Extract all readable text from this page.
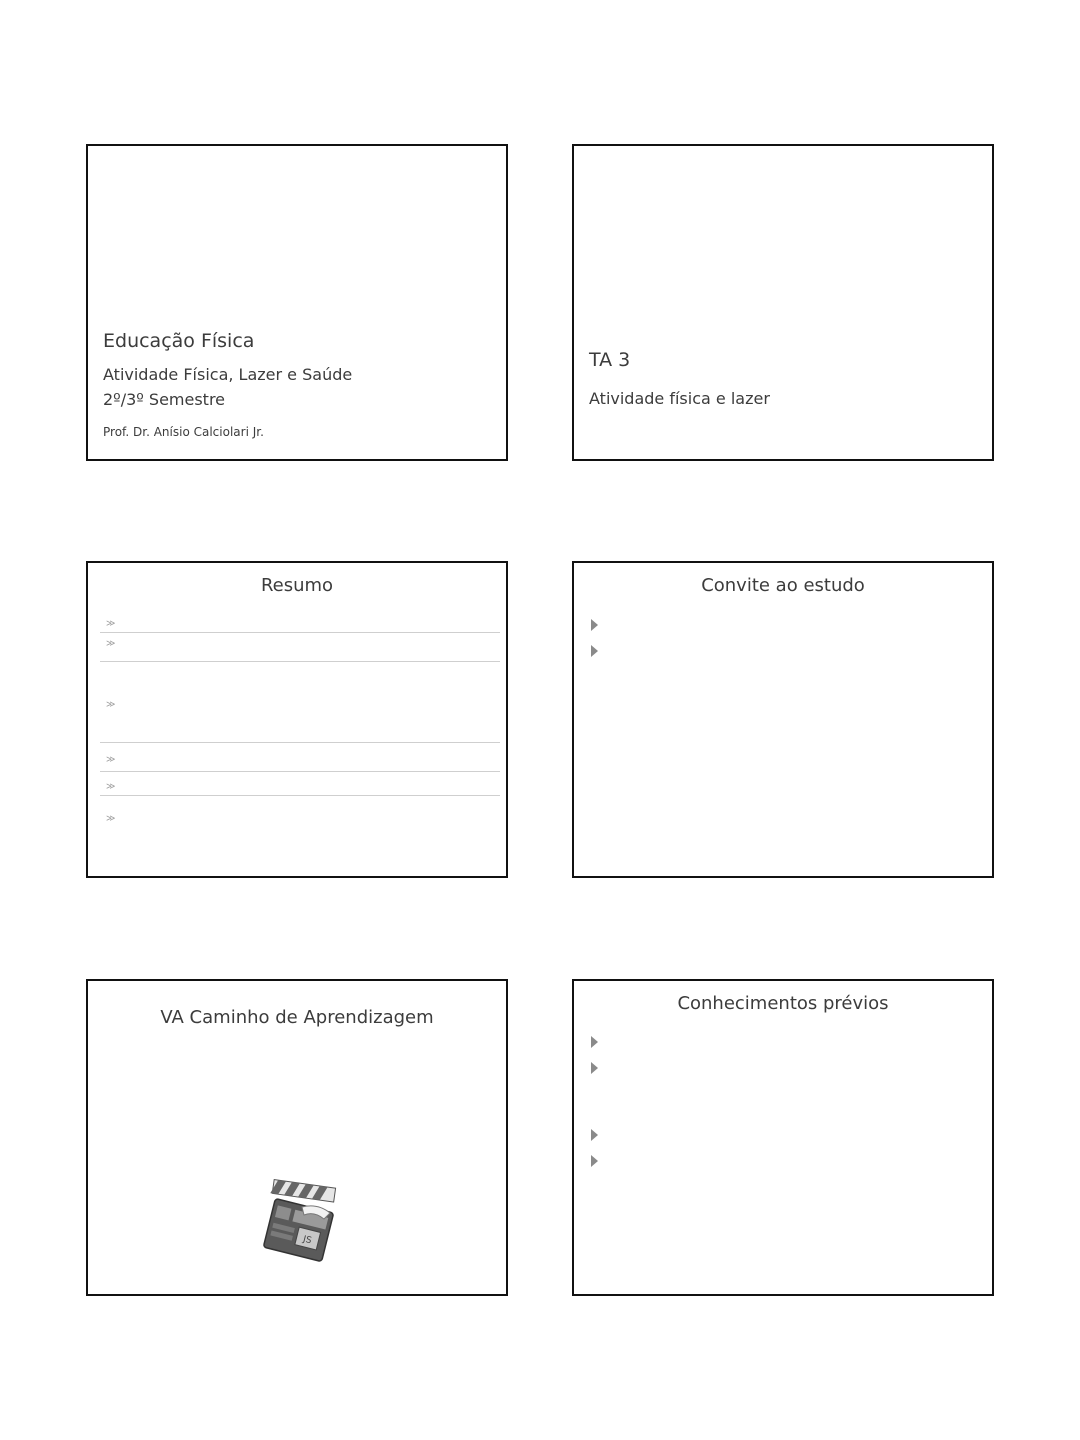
Educação Física
Atividade Física, Lazer e Saúde
2º/3º Semestre
Prof. Dr. Anísio Calciolari Jr.
TA 3
Atividade física e lazer
Resumo
≫
≫
≫
≫
≫
≫
Convite ao estudo
VA Caminho de Aprendizagem
JS
Conhecimentos prévios
